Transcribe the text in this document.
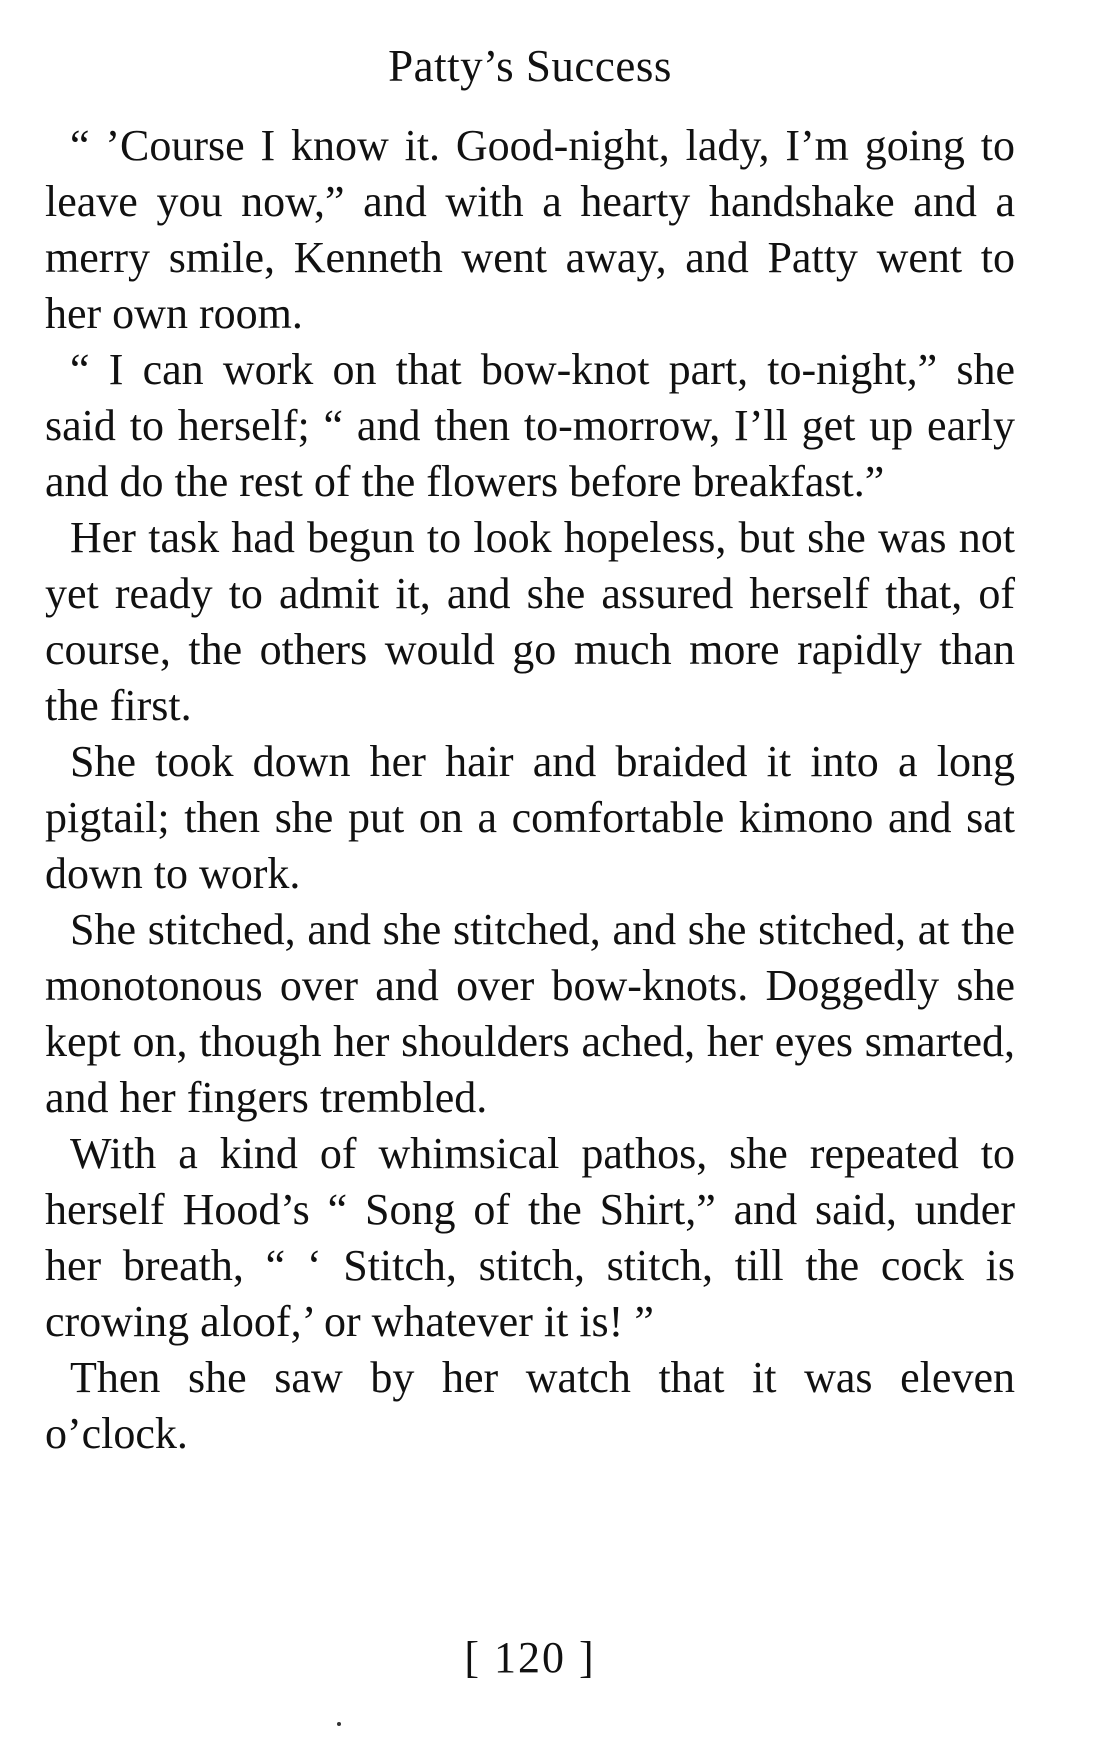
Patty’s Success

“ ’Course I know it. Good-night, lady, I’m going to leave you now,” and with a hearty handshake and a merry smile, Kenneth went away, and Patty went to her own room.

“ I can work on that bow-knot part, to-night,” she said to herself; “ and then to-morrow, I’ll get up early and do the rest of the flowers before breakfast.”

Her task had begun to look hopeless, but she was not yet ready to admit it, and she assured herself that, of course, the others would go much more rapidly than the first.

She took down her hair and braided it into a long pigtail; then she put on a comfortable kimono and sat down to work.

She stitched, and she stitched, and she stitched, at the monotonous over and over bow-knots. Doggedly she kept on, though her shoulders ached, her eyes smarted, and her fingers trembled.

With a kind of whimsical pathos, she repeated to herself Hood’s “ Song of the Shirt,” and said, under her breath, “ ‘ Stitch, stitch, stitch, till the cock is crowing aloof,’ or whatever it is! ”

Then she saw by her watch that it was eleven o’clock.

[ 120 ]
